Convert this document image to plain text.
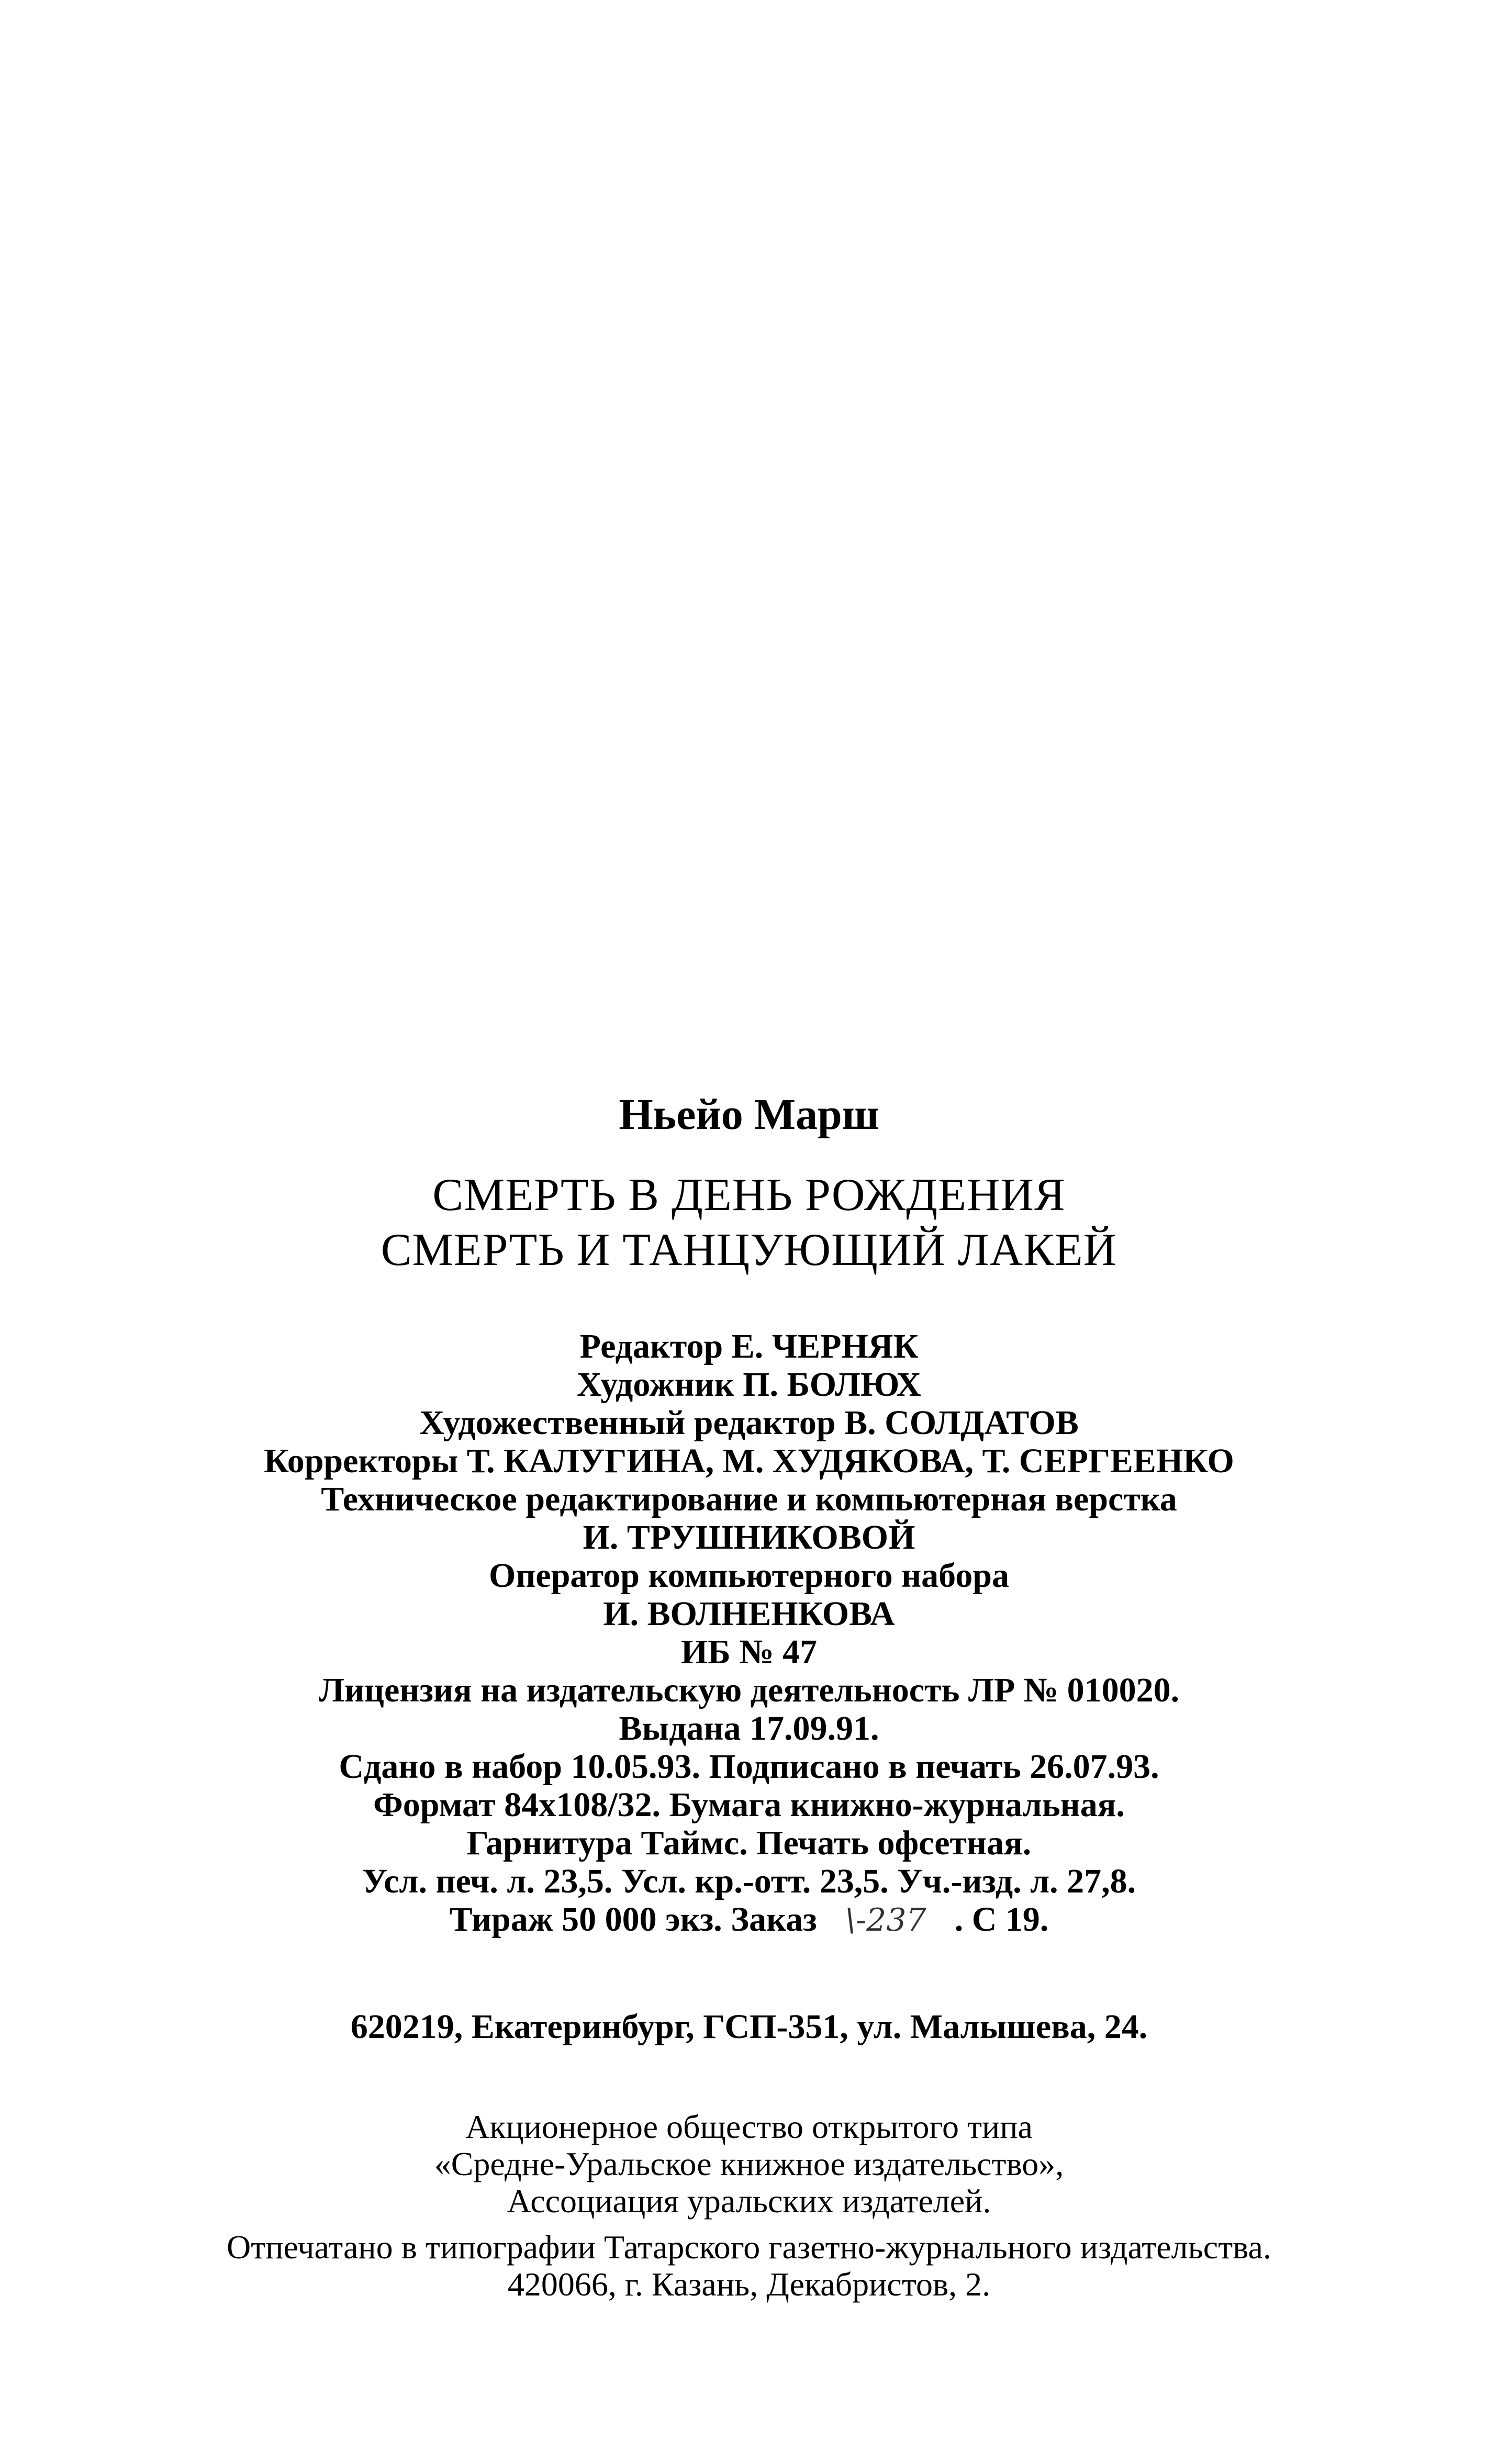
Ньейо Марш
СМЕРТЬ В ДЕНЬ РОЖДЕНИЯ
СМЕРТЬ И ТАНЦУЮЩИЙ ЛАКЕЙ
Редактор Е. ЧЕРНЯК
Художник П. БОЛЮХ
Художественный редактор В. СОЛДАТОВ
Корректоры Т. КАЛУГИНА, М. ХУДЯКОВА, Т. СЕРГЕЕНКО
Техническое редактирование и компьютерная верстка
И. ТРУШНИКОВОЙ
Оператор компьютерного набора
И. ВОЛНЕНКОВА
ИБ № 47
Лицензия на издательскую деятельность ЛР № 010020.
Выдана 17.09.91.
Сдано в набор 10.05.93. Подписано в печать 26.07.93.
Формат 84x108/32. Бумага книжно-журнальная.
Гарнитура Таймс. Печать офсетная.
Усл. печ. л. 23,5. Усл. кр.-отт. 23,5. Уч.-изд. л. 27,8.
Тираж 50 000 экз. Заказ \-237 . С 19.
620219, Екатеринбург, ГСП-351, ул. Малышева, 24.
Акционерное общество открытого типа
«Средне-Уральское книжное издательство»,
Ассоциация уральских издателей.
Отпечатано в типографии Татарского газетно-журнального издательства.
420066, г. Казань, Декабристов, 2.
